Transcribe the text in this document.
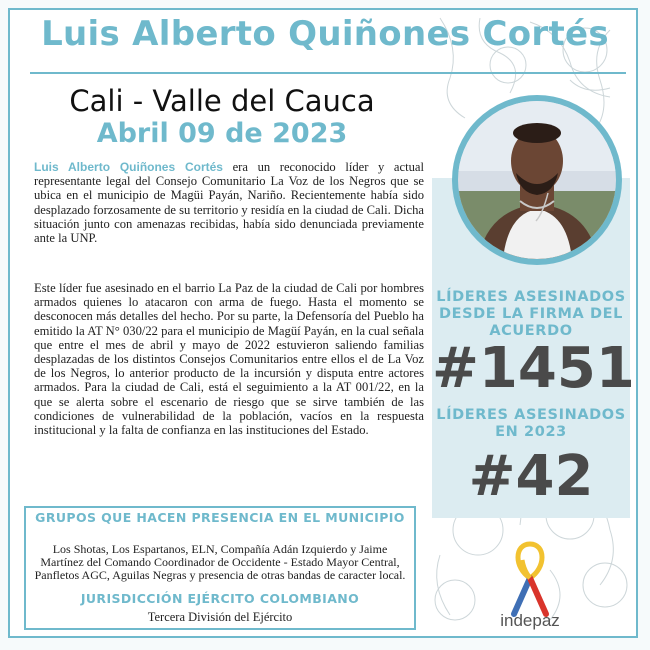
Luis Alberto Quiñones Cortés
Cali - Valle del Cauca
Abril 09 de 2023

Luis Alberto Quiñones Cortés era un reconocido líder y actual representante legal del Consejo Comunitario La Voz de los Negros que se ubica en el municipio de Magüi Payán, Nariño. Recientemente había sido desplazado forzosamente de su territorio y residía en la ciudad de Cali. Dicha situación junto con amenazas recibidas, había sido denunciada previamente ante la UNP.

Este líder fue asesinado en el barrio La Paz de la ciudad de Cali por hombres armados quienes lo atacaron con arma de fuego. Hasta el momento se desconocen más detalles del hecho. Por su parte, la Defensoría del Pueblo ha emitido la AT N° 030/22 para el municipio de Magüí Payán, en la cual señala que entre el mes de abril y mayo de 2022 estuvieron saliendo familias desplazadas de los distintos Consejos Comunitarios entre ellos el de La Voz de los Negros, lo anterior producto de la incursión y disputa entre actores armados. Para la ciudad de Cali, está el seguimiento a la AT 001/22, en la que se alerta sobre el escenario de riesgo que se sirve también de las condiciones de vulnerabilidad de la población, vacíos en la respuesta institucional y la falta de confianza en las instituciones del Estado.

LÍDERES ASESINADOS DESDE LA FIRMA DEL ACUERDO
#1451
LÍDERES ASESINADOS EN 2023
#42
GRUPOS QUE HACEN PRESENCIA EN EL MUNICIPIO
Los Shotas, Los Espartanos, ELN, Compañía Adán Izquierdo y Jaime Martínez del Comando Coordinador de Occidente - Estado Mayor Central, Panfletos AGC, Aguilas Negras y presencia de otras bandas de caracter local.
JURISDICCIÓN EJÉRCITO COLOMBIANO
Tercera División del Ejército	indepaz
